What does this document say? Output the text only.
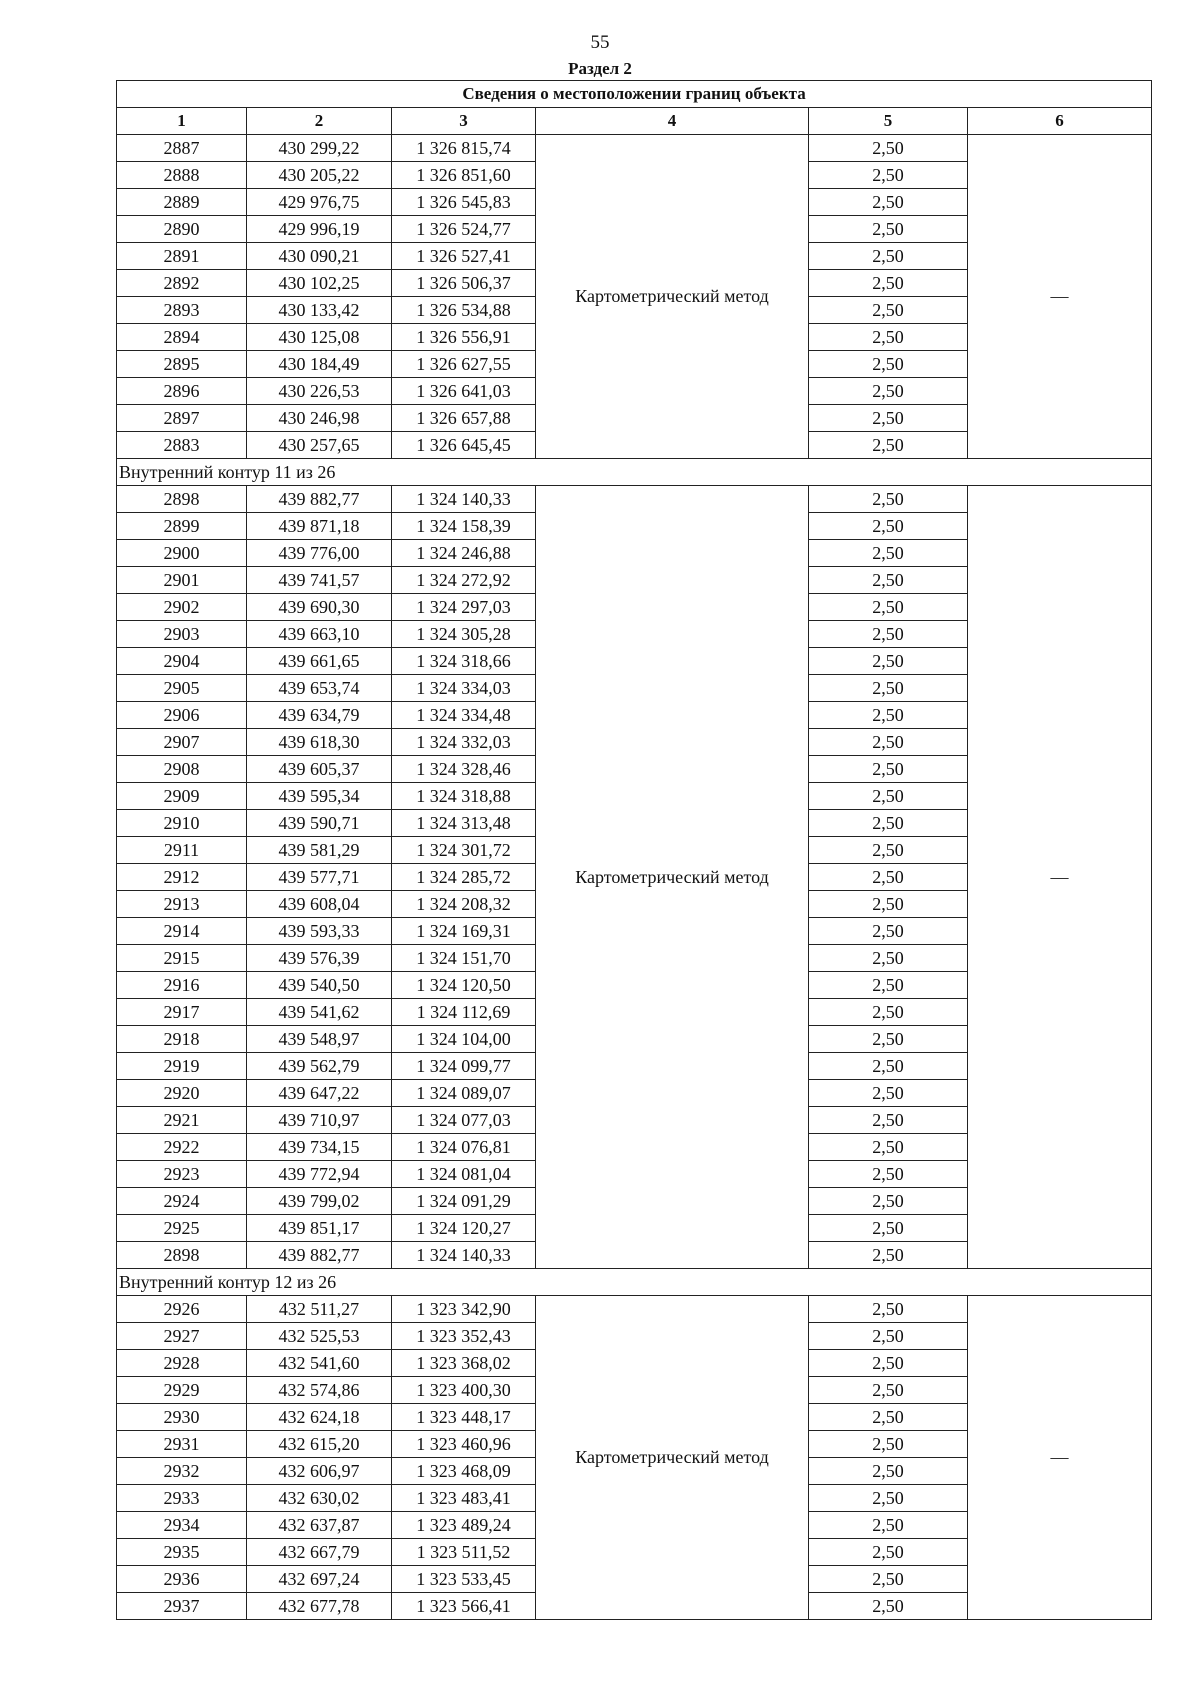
55
Раздел 2
Сведения о местоположении границ объекта					
1	2	3	4	5	6
2887	430 299,22	1 326 815,74	Картометрический метод	2,50	—
2888	430 205,22	1 326 851,60		2,50	
2889	429 976,75	1 326 545,83		2,50	
2890	429 996,19	1 326 524,77		2,50	
2891	430 090,21	1 326 527,41		2,50	
2892	430 102,25	1 326 506,37		2,50	
2893	430 133,42	1 326 534,88		2,50	
2894	430 125,08	1 326 556,91		2,50	
2895	430 184,49	1 326 627,55		2,50	
2896	430 226,53	1 326 641,03		2,50	
2897	430 246,98	1 326 657,88		2,50	
2883	430 257,65	1 326 645,45		2,50	
Внутренний контур 11 из 26					
2898	439 882,77	1 324 140,33	Картометрический метод	2,50	—
2899	439 871,18	1 324 158,39		2,50	
2900	439 776,00	1 324 246,88		2,50	
2901	439 741,57	1 324 272,92		2,50	
2902	439 690,30	1 324 297,03		2,50	
2903	439 663,10	1 324 305,28		2,50	
2904	439 661,65	1 324 318,66		2,50	
2905	439 653,74	1 324 334,03		2,50	
2906	439 634,79	1 324 334,48		2,50	
2907	439 618,30	1 324 332,03		2,50	
2908	439 605,37	1 324 328,46		2,50	
2909	439 595,34	1 324 318,88		2,50	
2910	439 590,71	1 324 313,48		2,50	
2911	439 581,29	1 324 301,72		2,50	
2912	439 577,71	1 324 285,72		2,50	
2913	439 608,04	1 324 208,32		2,50	
2914	439 593,33	1 324 169,31		2,50	
2915	439 576,39	1 324 151,70		2,50	
2916	439 540,50	1 324 120,50		2,50	
2917	439 541,62	1 324 112,69		2,50	
2918	439 548,97	1 324 104,00		2,50	
2919	439 562,79	1 324 099,77		2,50	
2920	439 647,22	1 324 089,07		2,50	
2921	439 710,97	1 324 077,03		2,50	
2922	439 734,15	1 324 076,81		2,50	
2923	439 772,94	1 324 081,04		2,50	
2924	439 799,02	1 324 091,29		2,50	
2925	439 851,17	1 324 120,27		2,50	
2898	439 882,77	1 324 140,33		2,50	
Внутренний контур 12 из 26					
2926	432 511,27	1 323 342,90	Картометрический метод	2,50	—
2927	432 525,53	1 323 352,43		2,50	
2928	432 541,60	1 323 368,02		2,50	
2929	432 574,86	1 323 400,30		2,50	
2930	432 624,18	1 323 448,17		2,50	
2931	432 615,20	1 323 460,96		2,50	
2932	432 606,97	1 323 468,09		2,50	
2933	432 630,02	1 323 483,41		2,50	
2934	432 637,87	1 323 489,24		2,50	
2935	432 667,79	1 323 511,52		2,50	
2936	432 697,24	1 323 533,45		2,50	
2937	432 677,78	1 323 566,41		2,50	
